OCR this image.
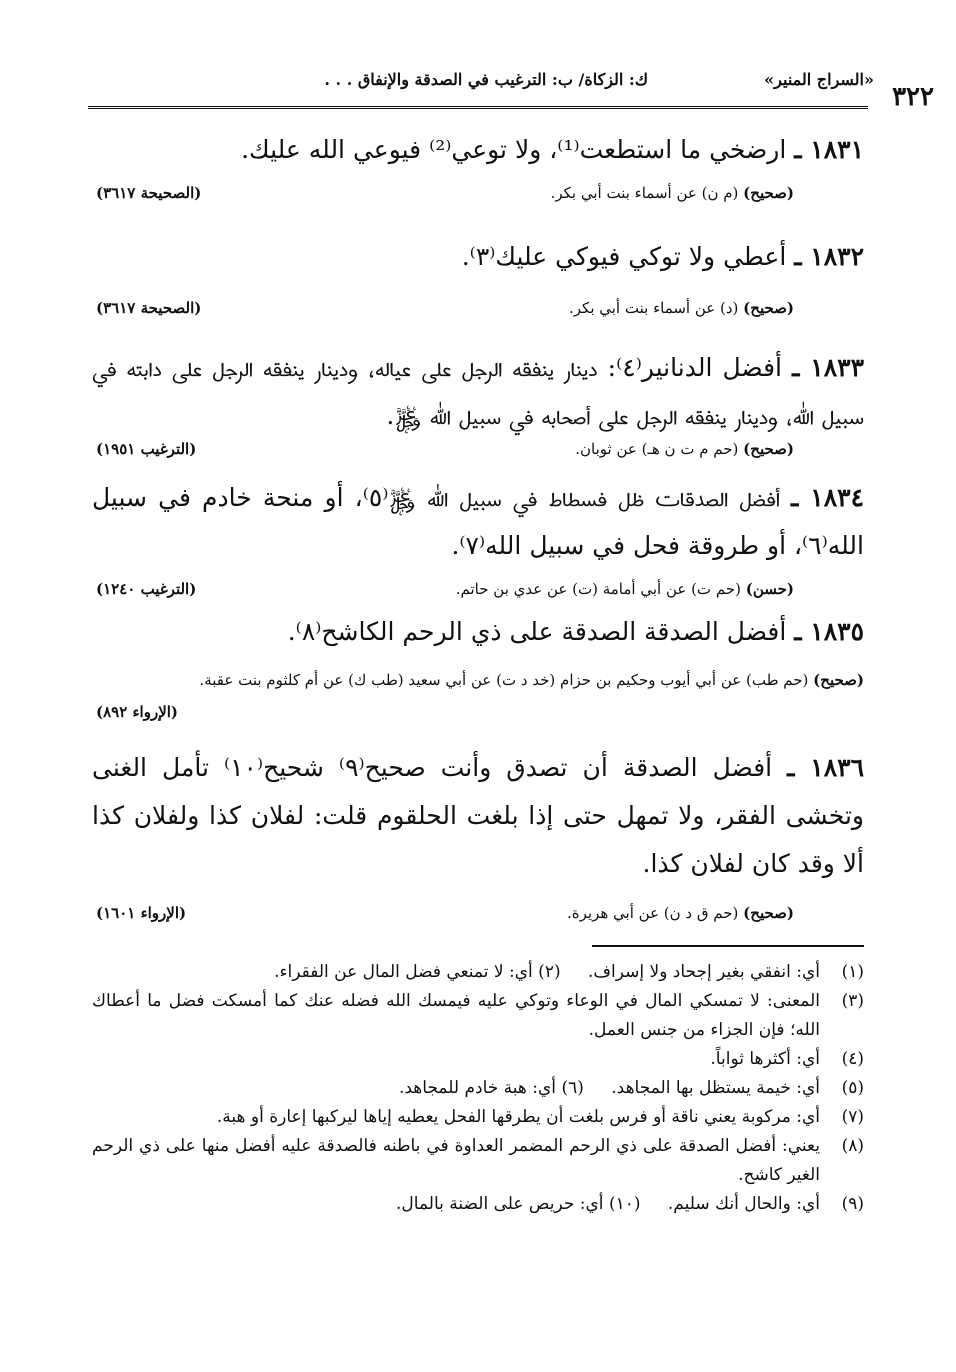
٣٢٢
«السراج المنير»
ك: الزكاة/ ب: الترغيب في الصدقة والإنفاق . . .
١٨٣١ ـ ارضخي ما استطعت⁽¹⁾، ولا توعي⁽²⁾ فيوعي الله عليك.
(صحيح) (م ن) عن أسماء بنت أبي بكر.
(الصحيحة ٣٦١٧)
١٨٣٢ ـ أعطي ولا توكي فيوكي عليك⁽٣⁾.
(صحيح) (د) عن أسماء بنت أبي بكر.
(الصحيحة ٣٦١٧)
١٨٣٣ ـ أفضل الدنانير⁽٤⁾: دينار ينفقه الرجل على عياله، ودينار ينفقه الرجل على دابته في سبيل الله، ودينار ينفقه الرجل على أصحابه في سبيل الله ﷿.
(صحيح) (حم م ت ن هـ) عن ثوبان.
(الترغيب ١٩٥١)
١٨٣٤ ـ أفضل الصدقات ظل فسطاط في سبيل الله ﷿⁽٥⁾، أو منحة خادم في سبيل الله⁽٦⁾، أو طروقة فحل في سبيل الله⁽٧⁾.
(حسن) (حم ت) عن أبي أمامة (ت) عن عدي بن حاتم.
(الترغيب ١٢٤٠)
١٨٣٥ ـ أفضل الصدقة الصدقة على ذي الرحم الكاشح⁽٨⁾.
(صحيح) (حم طب) عن أبي أيوب وحكيم بن حزام (خد د ت) عن أبي سعيد (طب ك) عن أم كلثوم بنت عقبة.
(الإرواء ٨٩٢)
١٨٣٦ ـ أفضل الصدقة أن تصدق وأنت صحيح⁽٩⁾ شحيح⁽١٠⁾ تأمل الغنى وتخشى الفقر، ولا تمهل حتى إذا بلغت الحلقوم قلت: لفلان كذا ولفلان كذا ألا وقد كان لفلان كذا.
(صحيح) (حم ق د ن) عن أبي هريرة.
(الإرواء ١٦٠١)
(١)
أي: انفقي بغير إجحاد ولا إسراف. (٢) أي: لا تمنعي فضل المال عن الفقراء.
(٣)
المعنى: لا تمسكي المال في الوعاء وتوكي عليه فيمسك الله فضله عنك كما أمسكت فضل ما أعطاك الله؛ فإن الجزاء من جنس العمل.
(٤)
أي: أكثرها ثواباً.
(٥)
أي: خيمة يستظل بها المجاهد. (٦) أي: هبة خادم للمجاهد.
(٧)
أي: مركوبة يعني ناقة أو فرس بلغت أن يطرقها الفحل يعطيه إياها ليركبها إعارة أو هبة.
(٨)
يعني: أفضل الصدقة على ذي الرحم المضمر العداوة في باطنه فالصدقة عليه أفضل منها على ذي الرحم الغير كاشح.
(٩)
أي: والحال أنك سليم. (١٠) أي: حريص على الضنة بالمال.
